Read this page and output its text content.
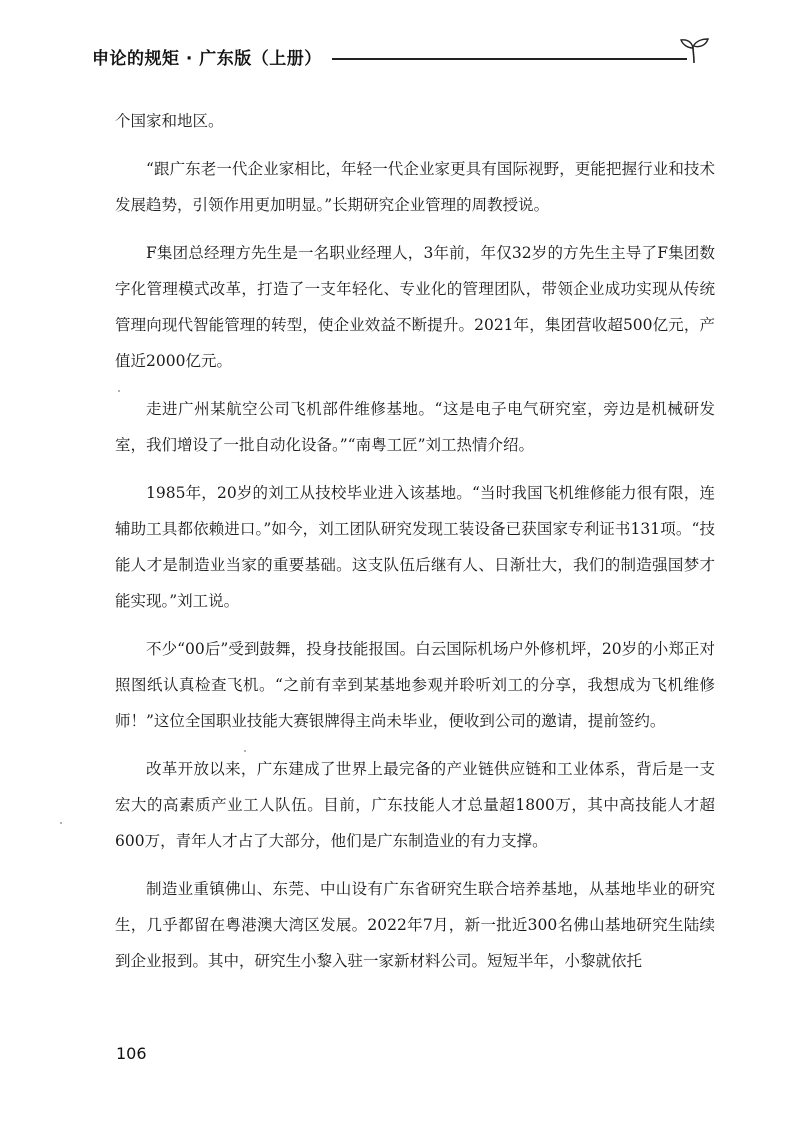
申论的规矩 · 广东版（上册）

个国家和地区。

“跟广东老一代企业家相比，年轻一代企业家更具有国际视野，更能把握行业和技术发展趋势，引领作用更加明显。”长期研究企业管理的周教授说。

F集团总经理方先生是一名职业经理人，3年前，年仅32岁的方先生主导了F集团数字化管理模式改革，打造了一支年轻化、专业化的管理团队，带领企业成功实现从传统管理向现代智能管理的转型，使企业效益不断提升。2021年，集团营收超500亿元，产值近2000亿元。

走进广州某航空公司飞机部件维修基地。“这是电子电气研究室，旁边是机械研发室，我们增设了一批自动化设备。”“南粤工匠”刘工热情介绍。

1985年，20岁的刘工从技校毕业进入该基地。“当时我国飞机维修能力很有限，连辅助工具都依赖进口。”如今，刘工团队研究发现工装设备已获国家专利证书131项。“技能人才是制造业当家的重要基础。这支队伍后继有人、日渐壮大，我们的制造强国梦才能实现。”刘工说。

不少“00后”受到鼓舞，投身技能报国。白云国际机场户外修机坪，20岁的小郑正对照图纸认真检查飞机。“之前有幸到某基地参观并聆听刘工的分享，我想成为飞机维修师！”这位全国职业技能大赛银牌得主尚未毕业，便收到公司的邀请，提前签约。

改革开放以来，广东建成了世界上最完备的产业链供应链和工业体系，背后是一支宏大的高素质产业工人队伍。目前，广东技能人才总量超1800万，其中高技能人才超600万，青年人才占了大部分，他们是广东制造业的有力支撑。

制造业重镇佛山、东莞、中山设有广东省研究生联合培养基地，从基地毕业的研究生，几乎都留在粤港澳大湾区发展。2022年7月，新一批近300名佛山基地研究生陆续到企业报到。其中，研究生小黎入驻一家新材料公司。短短半年，小黎就依托

106
